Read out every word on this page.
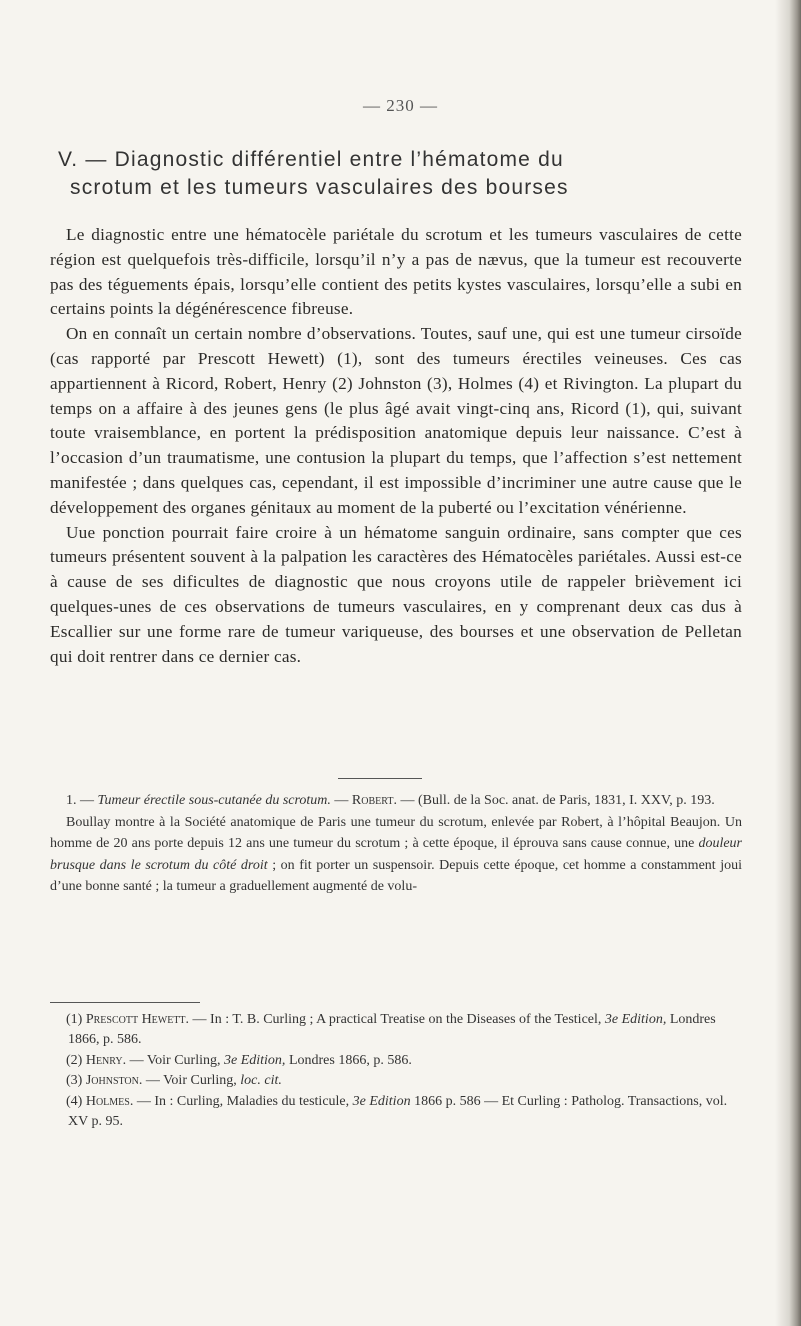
— 230 —
V. — Diagnostic différentiel entre l’hématome du
scrotum et les tumeurs vasculaires des bourses

Le diagnostic entre une hématocèle pariétale du scrotum et les tumeurs vasculaires de cette région est quelquefois très-difficile, lorsqu’il n’y a pas de nævus, que la tumeur est recouverte pas des téguements épais, lorsqu’elle contient des petits kystes vasculaires, lorsqu’elle a subi en certains points la dégénérescence fibreuse.

On en connaît un certain nombre d’observations. Toutes, sauf une, qui est une tumeur cirsoïde (cas rapporté par Prescott Hewett) (1), sont des tumeurs érectiles veineuses. Ces cas appartiennent à Ricord, Robert, Henry (2) Johnston (3), Holmes (4) et Rivington. La plupart du temps on a affaire à des jeunes gens (le plus âgé avait vingt-cinq ans, Ricord (1), qui, suivant toute vraisemblance, en portent la prédisposition anatomique depuis leur naissance. C’est à l’occasion d’un traumatisme, une contusion la plupart du temps, que l’affection s’est nettement manifestée ; dans quelques cas, cependant, il est impossible d’incriminer une autre cause que le développement des organes génitaux au moment de la puberté ou l’excitation vénérienne.

Uue ponction pourrait faire croire à un hématome sanguin ordinaire, sans compter que ces tumeurs présentent souvent à la palpation les caractères des Hématocèles pariétales. Aussi est-ce à cause de ses dificultes de diagnostic que nous croyons utile de rappeler brièvement ici quelques-unes de ces observations de tumeurs vasculaires, en y comprenant deux cas dus à Escallier sur une forme rare de tumeur variqueuse, des bourses et une observation de Pelletan qui doit rentrer dans ce dernier cas.

1. — Tumeur érectile sous-cutanée du scrotum. — Robert. — (Bull. de la Soc. anat. de Paris, 1831, I. XXV, p. 193.

Boullay montre à la Société anatomique de Paris une tumeur du scrotum, enlevée par Robert, à l’hôpital Beaujon. Un homme de 20 ans porte depuis 12 ans une tumeur du scrotum ; à cette époque, il éprouva sans cause connue, une douleur brusque dans le scrotum du côté droit ; on fit porter un suspensoir. Depuis cette époque, cet homme a constamment joui d’une bonne santé ; la tumeur a graduellement augmenté de volu-

(1) Prescott Hewett. — In : T. B. Curling ; A practical Treatise on the Diseases of the Testicel, 3e Edition, Londres 1866, p. 586.

(2) Henry. — Voir Curling, 3e Edition, Londres 1866, p. 586.

(3) Johnston. — Voir Curling, loc. cit.

(4) Holmes. — In : Curling, Maladies du testicule, 3e Edition 1866 p. 586 — Et Curling : Patholog. Transactions, vol. XV p. 95.
